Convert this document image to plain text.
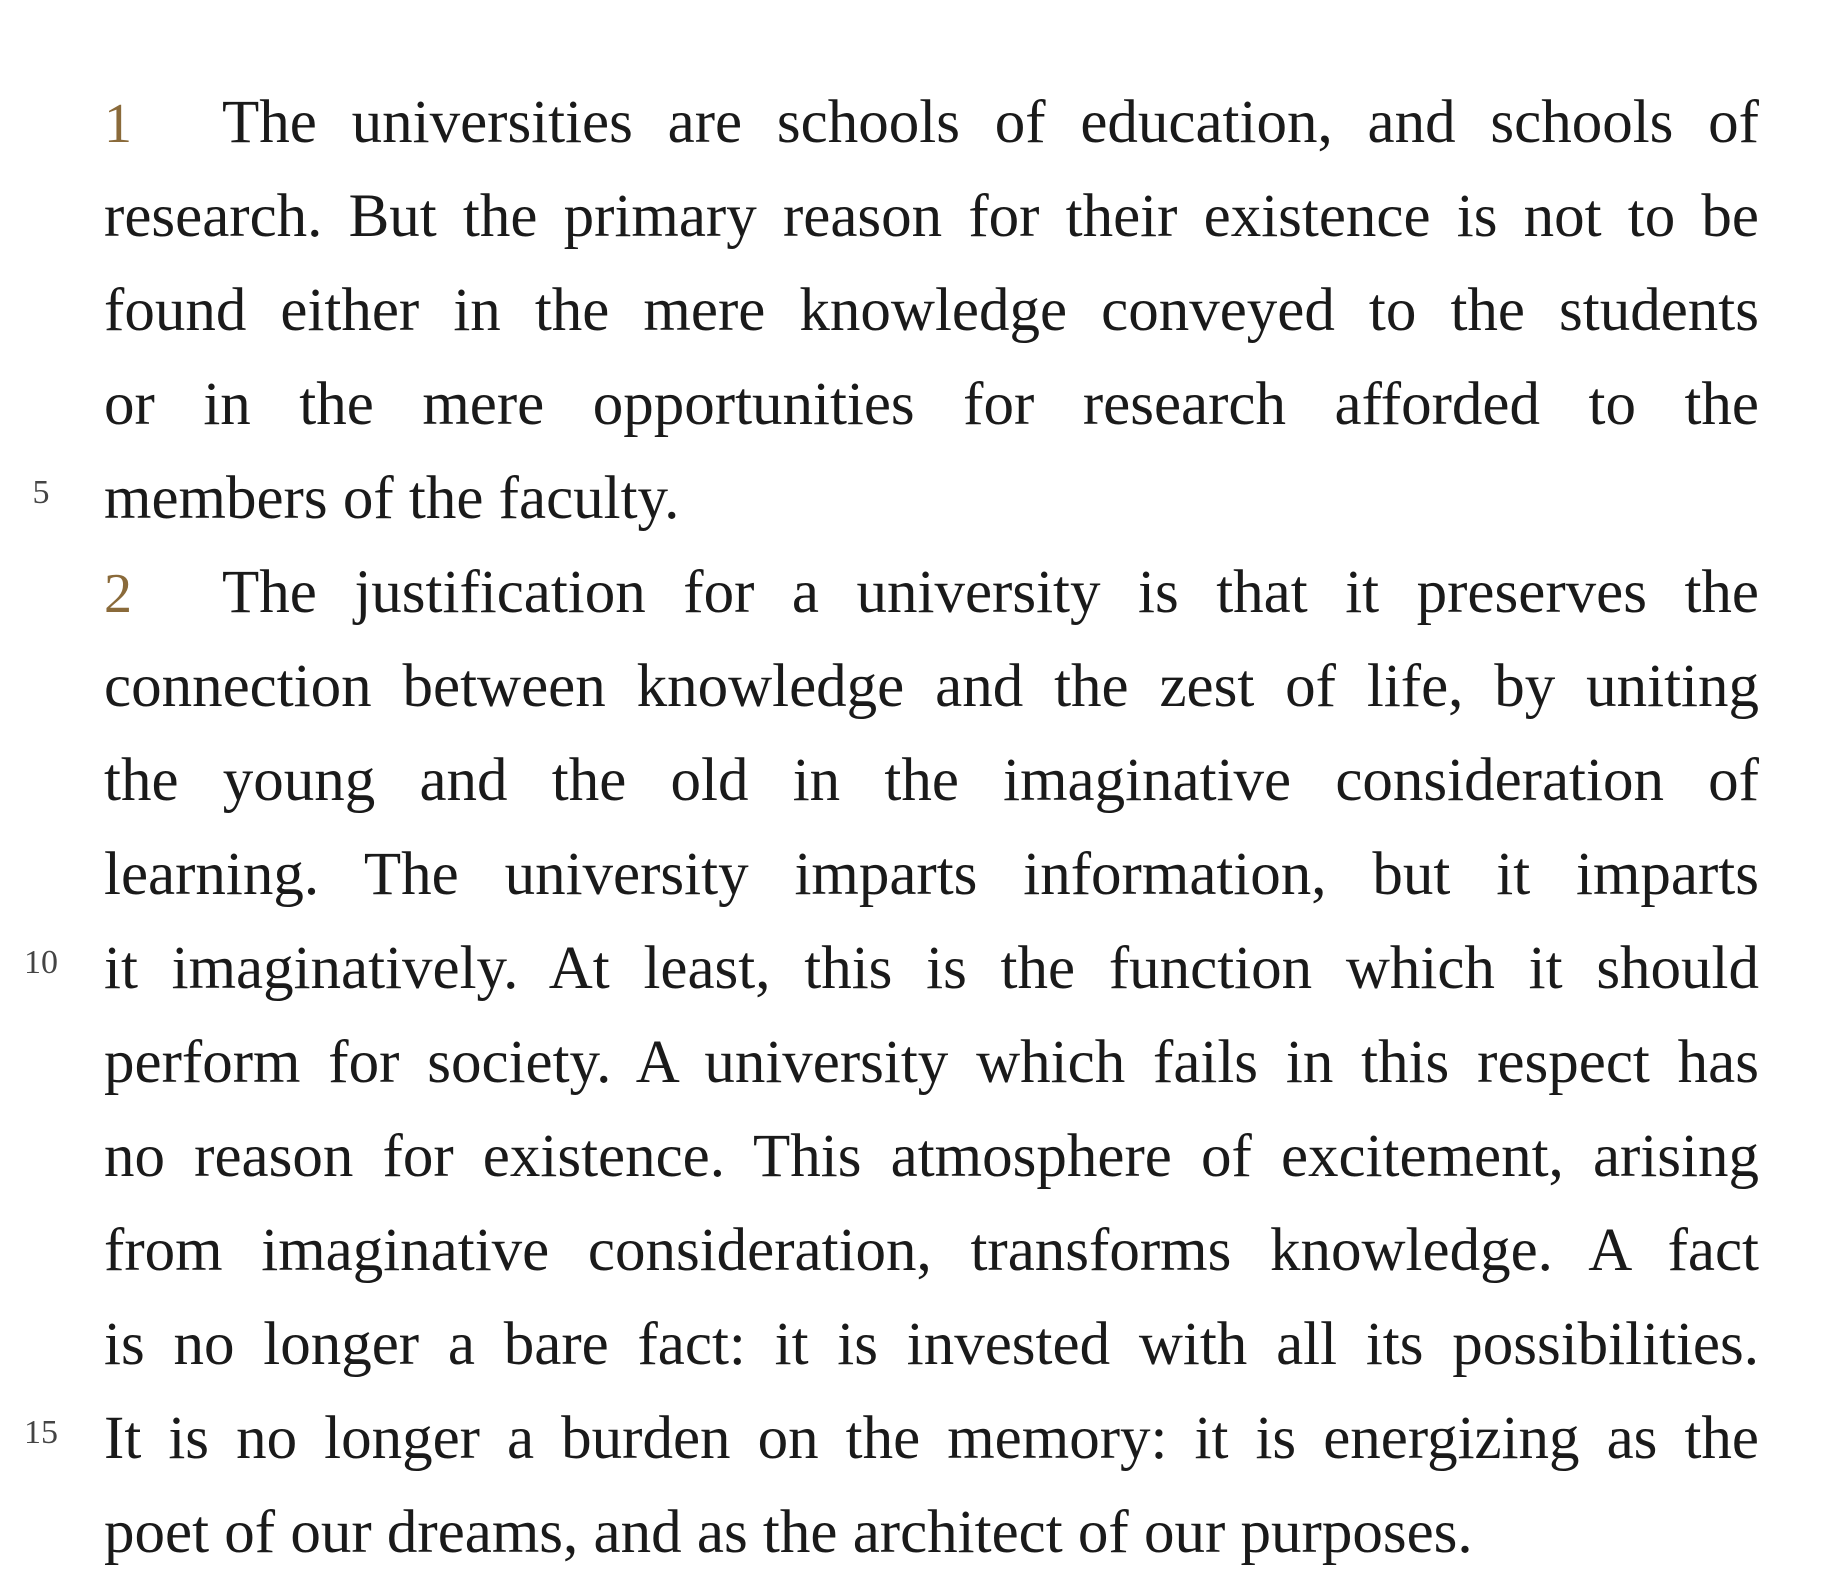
1 The universities are schools of education, and schools of
research. But the primary reason for their existence is not to be
found either in the mere knowledge conveyed to the students
or in the mere opportunities for research afforded to the
members of the faculty.
2 The justification for a university is that it preserves the
connection between knowledge and the zest of life, by uniting
the young and the old in the imaginative consideration of
learning. The university imparts information, but it imparts
it imaginatively. At least, this is the function which it should
perform for society. A university which fails in this respect has
no reason for existence. This atmosphere of excitement, arising
from imaginative consideration, transforms knowledge. A fact
is no longer a bare fact: it is invested with all its possibilities.
It is no longer a burden on the memory: it is energizing as the
poet of our dreams, and as the architect of our purposes.
5
10
15
